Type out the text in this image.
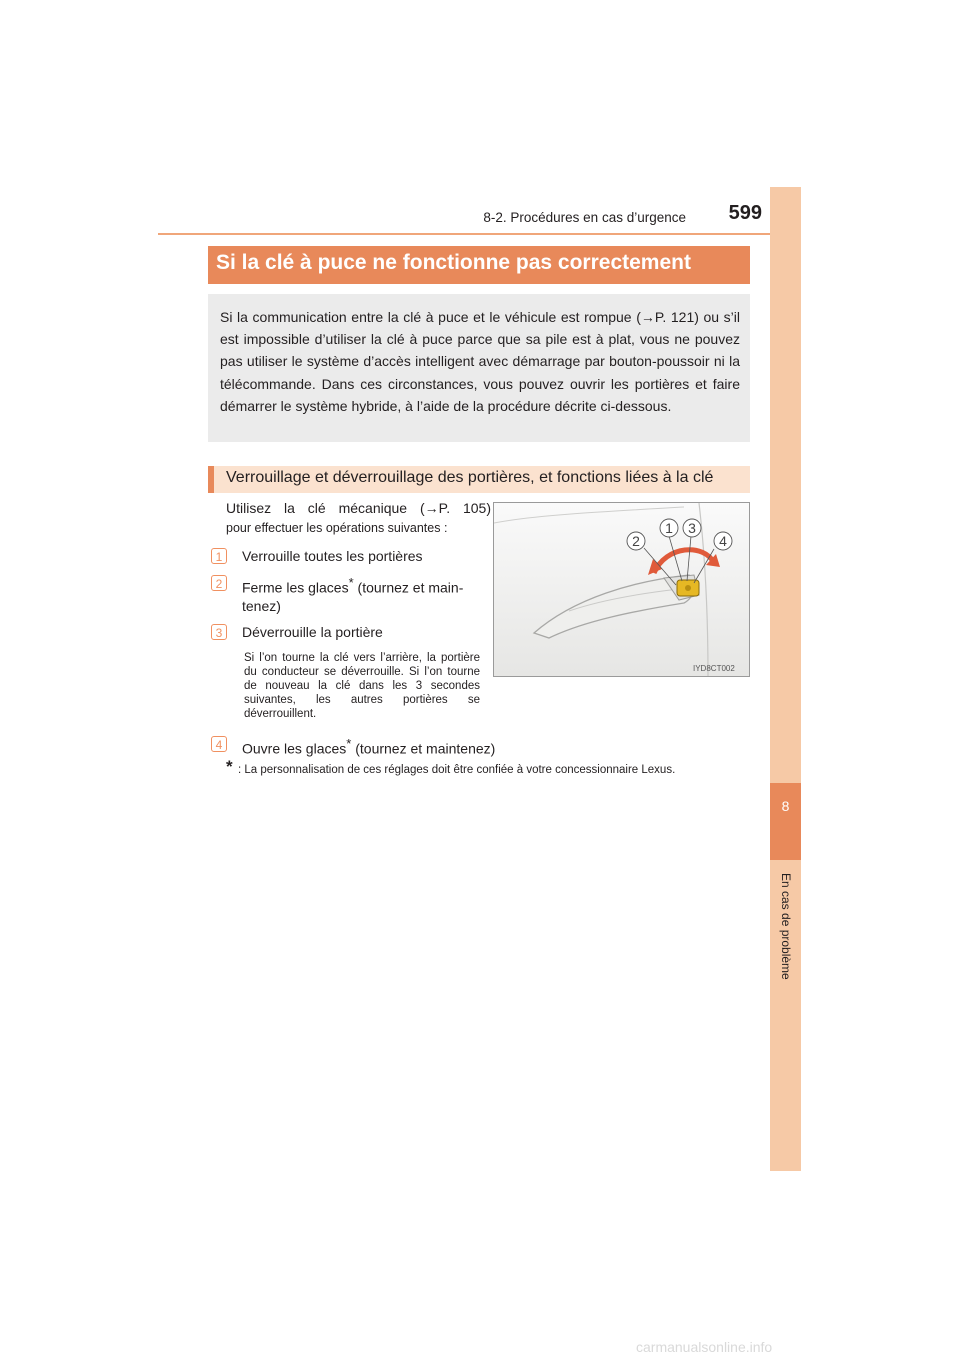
8-2. Procédures en cas d’urgence	599
8
En cas de problème
Si la clé à puce ne fonctionne pas correctement
Si la communication entre la clé à puce et le véhicule est rompue (→P. 121) ou s’il est impossible d’utiliser la clé à puce parce que sa pile est à plat, vous ne pouvez pas utiliser le système d’accès intelligent avec démarrage par bouton-poussoir ni la télécommande. Dans ces circonstances, vous pouvez ouvrir les portières et faire démarrer le système hybride, à l’aide de la procédure décrite ci-dessous.
Verrouillage et déverrouillage des portières, et fonctions liées à la clé
Utilisez la clé mécanique (→P. 105)
pour effectuer les opérations suivantes :
1	Verrouille toutes les portières
2	Ferme les glaces* (tournez et main-
tenez)
3	Déverrouille la portière
Si l’on tourne la clé vers l’arrière, la portière du conducteur se déverrouille. Si l’on tourne de nouveau la clé dans les 3 secondes suivantes, les autres portières se déverrouillent.
4	Ouvre les glaces* (tournez et maintenez)
* : La personnalisation de ces réglages doit être confiée à votre concessionnaire Lexus.
2
1 3
4
IYD8CT002
carmanualsonline.info
